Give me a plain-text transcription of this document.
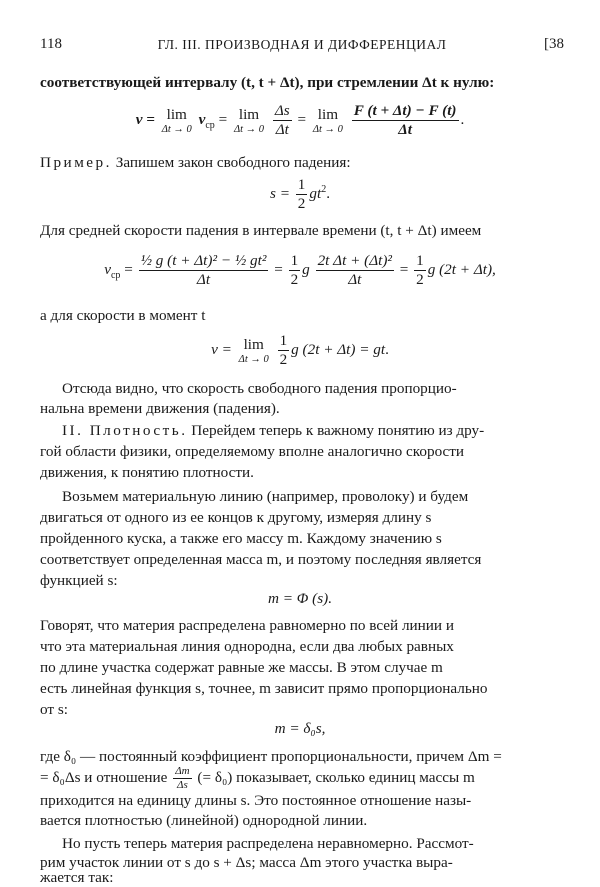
118	ГЛ. III. ПРОИЗВОДНАЯ И ДИФФЕРЕНЦИАЛ	[38
соответствующей интервалу (t, t + Δt), при стремлении Δt к нулю:
v = lim
Δt → 0
$v_{ср} = \lim$
Δt → 0
$\frac{\Delta s}{\Delta t} = \lim$
Δt → 0
$\frac{F (t + \Delta t) - F (t)}{\Delta t}$ .
Пример. Запишем закон свободного падения:
$s = \frac{1}{2} gt^2$.
Для средней скорости падения в интервале времени (t, t + Δt) имеем
$v_{ср} = \frac{\text{½ g (t + Δt)² − ½ gt²}}{\Delta t} = \frac{1}{2}$ g $\frac{\text{2t Δt + (Δt)²}}{\Delta t} = \frac{1}{2}$ g (2t + Δt),
а для скорости в момент t
v = lim
Δt → 0
$\frac{1}{2}$ g (2t + Δt) = gt.
Отсюда видно, что скорость свободного падения пропорцио-
нальна времени движения (падения).
II. Плотность. Перейдем теперь к важному понятию из дру-
гой области физики, определяемому вполне аналогично скорости
движения, к понятию плотности.
Возьмем материальную линию (например, проволоку) и будем
двигаться от одного из ее концов к другому, измеряя длину s
пройденного куска, а также его массу m. Каждому значению s
соответствует определенная масса m, и поэтому последняя является
функцией s:
m = Φ (s).
Говорят, что материя распределена равномерно по всей линии и
что эта материальная линия однородна, если два любых равных
по длине участка содержат равные же массы. В этом случае m
есть линейная функция s, точнее, m зависит прямо пропорционально
от s:
m = δ₀s,
где δ₀ — постоянный коэффициент пропорциональности, причем Δm =
= δ₀Δs и отношение $\frac{\Delta m}{\Delta s}$ (= δ₀) показывает, сколько единиц массы m
приходится на единицу длины s. Это постоянное отношение назы-
вается плотностью (линейной) однородной линии.
Но пусть теперь материя распределена неравномерно. Рассмот-
рим участок линии от s до s + Δs; масса Δm этого участка выра-
жается так:
